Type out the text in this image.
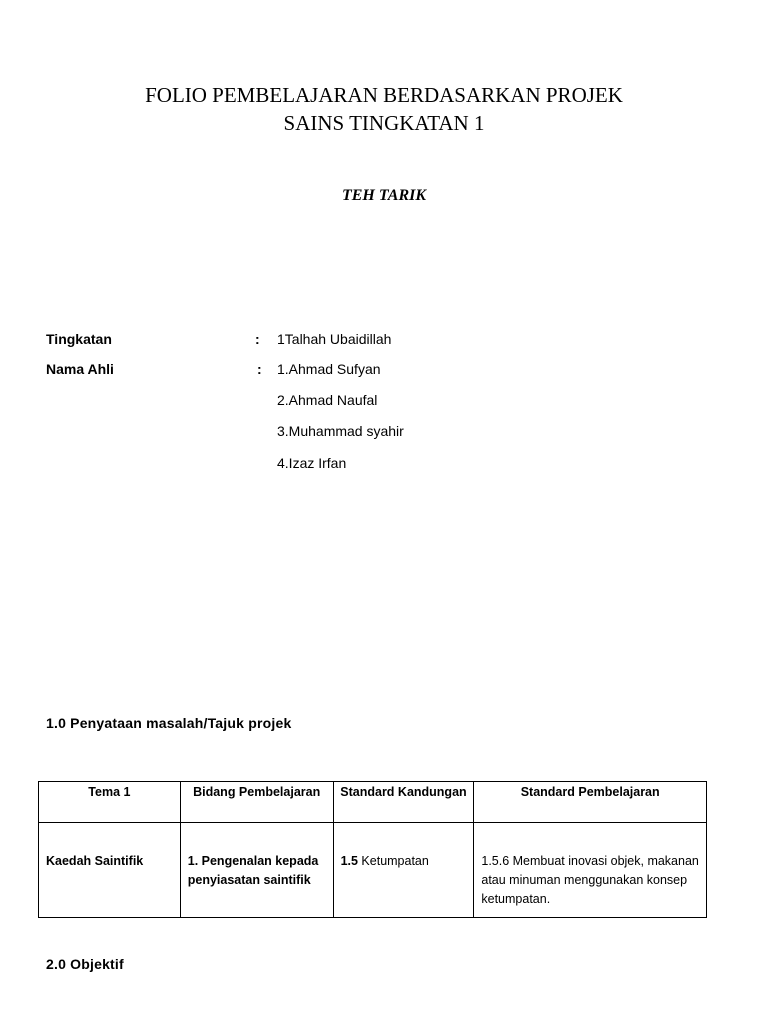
FOLIO PEMBELAJARAN BERDASARKAN PROJEK
SAINS TINGKATAN 1
TEH TARIK
Tingkatan	: 1Talhah Ubaidillah
Nama Ahli	: 1.Ahmad Sufyan
2.Ahmad Naufal
3.Muhammad syahir
4.Izaz Irfan
1.0 Penyataan masalah/Tajuk projek
Tema 1	Bidang Pembelajaran	Standard Kandungan	Standard Pembelajaran
Kaedah Saintifik	1. Pengenalan kepada penyiasatan saintifik	1.5 Ketumpatan	1.5.6 Membuat inovasi objek, makanan atau minuman menggunakan konsep ketumpatan.
2.0 Objektif
